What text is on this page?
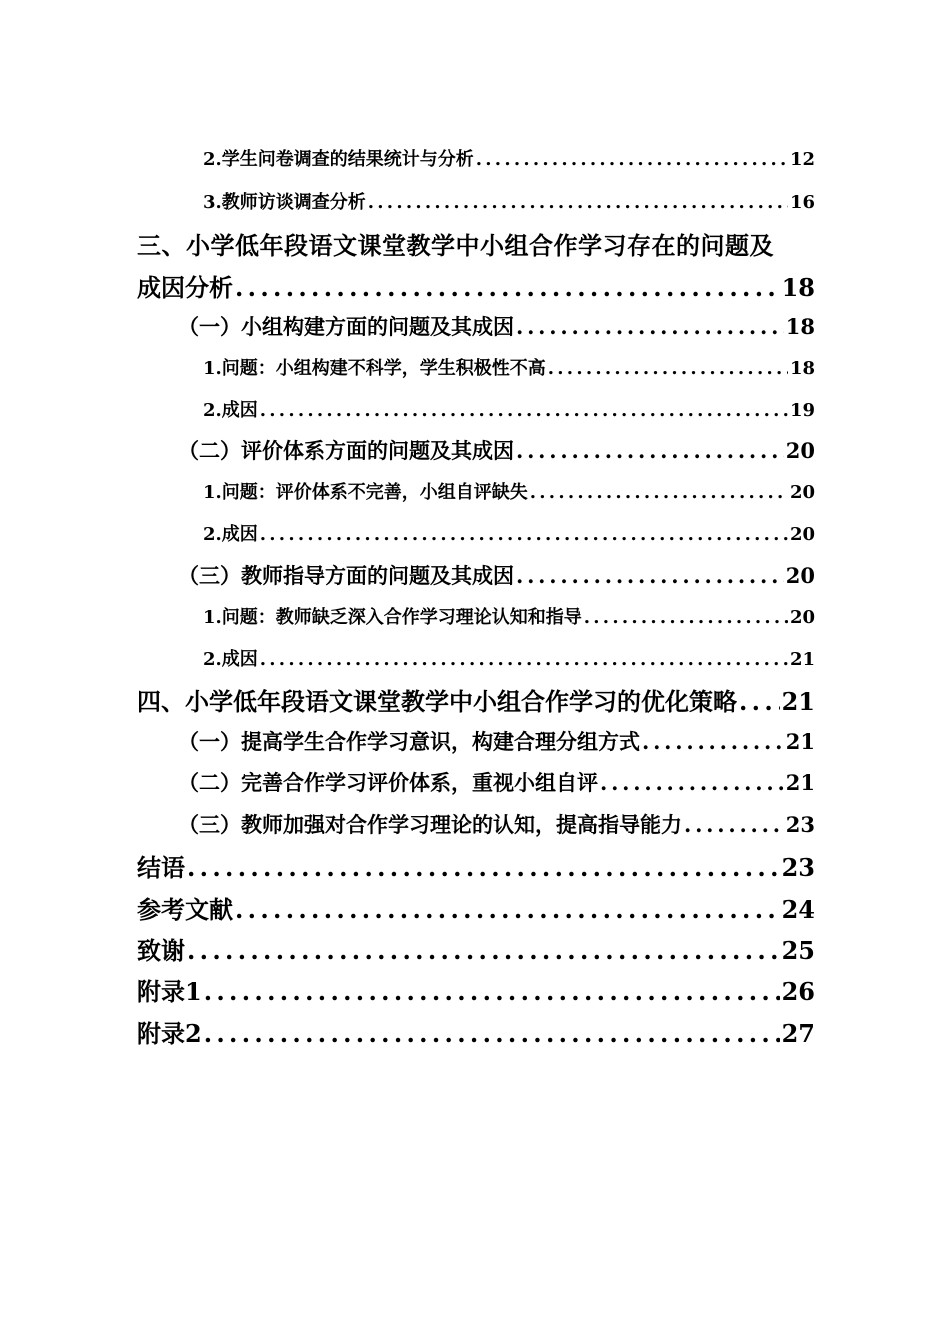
2.学生问卷调查的结果统计与分析 .....	12
3.教师访谈调查分析 .....	16
三、小学低年段语文课堂教学中小组合作学习存在的问题及
成因分析 .....	18
（一）小组构建方面的问题及其成因 .....	18
1.问题：小组构建不科学，学生积极性不高 .....	18
2.成因 .....	19
（二）评价体系方面的问题及其成因 .....	20
1.问题：评价体系不完善，小组自评缺失 .....	20
2.成因 .....	20
（三）教师指导方面的问题及其成因 .....	20
1.问题：教师缺乏深入合作学习理论认知和指导 .....	20
2.成因 .....	21
四、小学低年段语文课堂教学中小组合作学习的优化策略 ..... 21
（一）提高学生合作学习意识，构建合理分组方式 .....	21
（二）完善合作学习评价体系，重视小组自评 .....	21
（三）教师加强对合作学习理论的认知，提高指导能力 .....	23
结语 .....	23
参考文献 .....	24
致谢 .....	25
附录1 .....	26
附录2 .....	27
